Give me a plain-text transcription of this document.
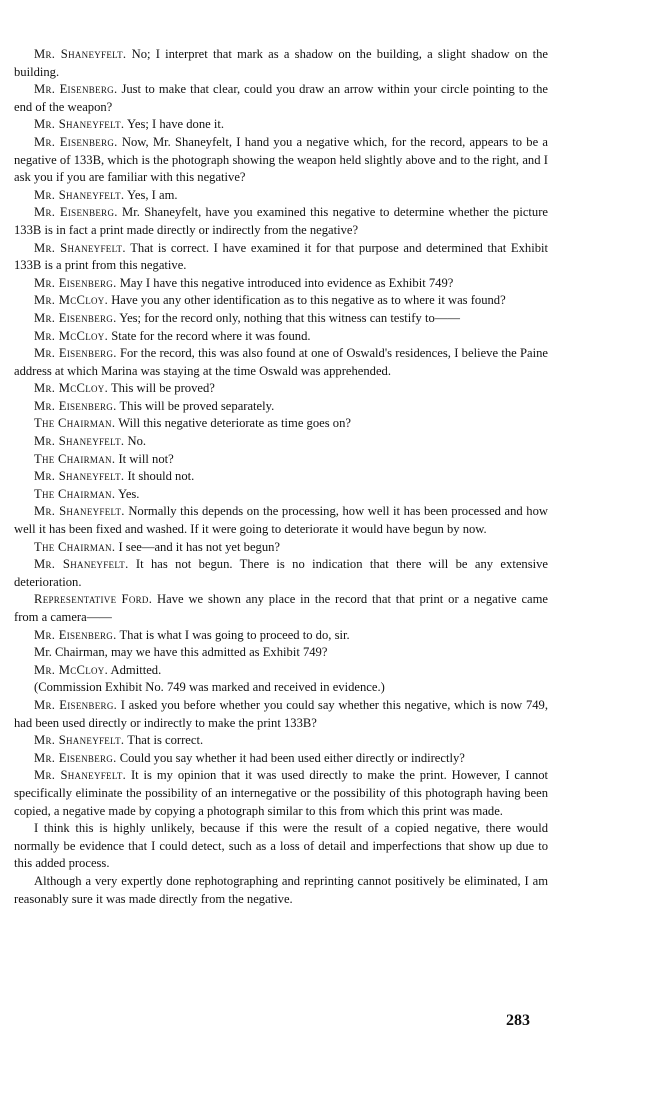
Mr. Shaneyfelt. No; I interpret that mark as a shadow on the building, a slight shadow on the building.

Mr. Eisenberg. Just to make that clear, could you draw an arrow within your circle pointing to the end of the weapon?

Mr. Shaneyfelt. Yes; I have done it.

Mr. Eisenberg. Now, Mr. Shaneyfelt, I hand you a negative which, for the record, appears to be a negative of 133B, which is the photograph showing the weapon held slightly above and to the right, and I ask you if you are familiar with this negative?

Mr. Shaneyfelt. Yes, I am.

Mr. Eisenberg. Mr. Shaneyfelt, have you examined this negative to determine whether the picture 133B is in fact a print made directly or indirectly from the negative?

Mr. Shaneyfelt. That is correct. I have examined it for that purpose and determined that Exhibit 133B is a print from this negative.

Mr. Eisenberg. May I have this negative introduced into evidence as Exhibit 749?

Mr. McCloy. Have you any other identification as to this negative as to where it was found?

Mr. Eisenberg. Yes; for the record only, nothing that this witness can testify to——

Mr. McCloy. State for the record where it was found.

Mr. Eisenberg. For the record, this was also found at one of Oswald's residences, I believe the Paine address at which Marina was staying at the time Oswald was apprehended.

Mr. McCloy. This will be proved?

Mr. Eisenberg. This will be proved separately.

The Chairman. Will this negative deteriorate as time goes on?

Mr. Shaneyfelt. No.

The Chairman. It will not?

Mr. Shaneyfelt. It should not.

The Chairman. Yes.

Mr. Shaneyfelt. Normally this depends on the processing, how well it has been processed and how well it has been fixed and washed. If it were going to deteriorate it would have begun by now.

The Chairman. I see—and it has not yet begun?

Mr. Shaneyfelt. It has not begun. There is no indication that there will be any extensive deterioration.

Representative Ford. Have we shown any place in the record that that print or a negative came from a camera——

Mr. Eisenberg. That is what I was going to proceed to do, sir.

Mr. Chairman, may we have this admitted as Exhibit 749?

Mr. McCloy. Admitted.

(Commission Exhibit No. 749 was marked and received in evidence.)

Mr. Eisenberg. I asked you before whether you could say whether this negative, which is now 749, had been used directly or indirectly to make the print 133B?

Mr. Shaneyfelt. That is correct.

Mr. Eisenberg. Could you say whether it had been used either directly or indirectly?

Mr. Shaneyfelt. It is my opinion that it was used directly to make the print. However, I cannot specifically eliminate the possibility of an internegative or the possibility of this photograph having been copied, a negative made by copying a photograph similar to this from which this print was made.

I think this is highly unlikely, because if this were the result of a copied negative, there would normally be evidence that I could detect, such as a loss of detail and imperfections that show up due to this added process.

Although a very expertly done rephotographing and reprinting cannot positively be eliminated, I am reasonably sure it was made directly from the negative.

283
